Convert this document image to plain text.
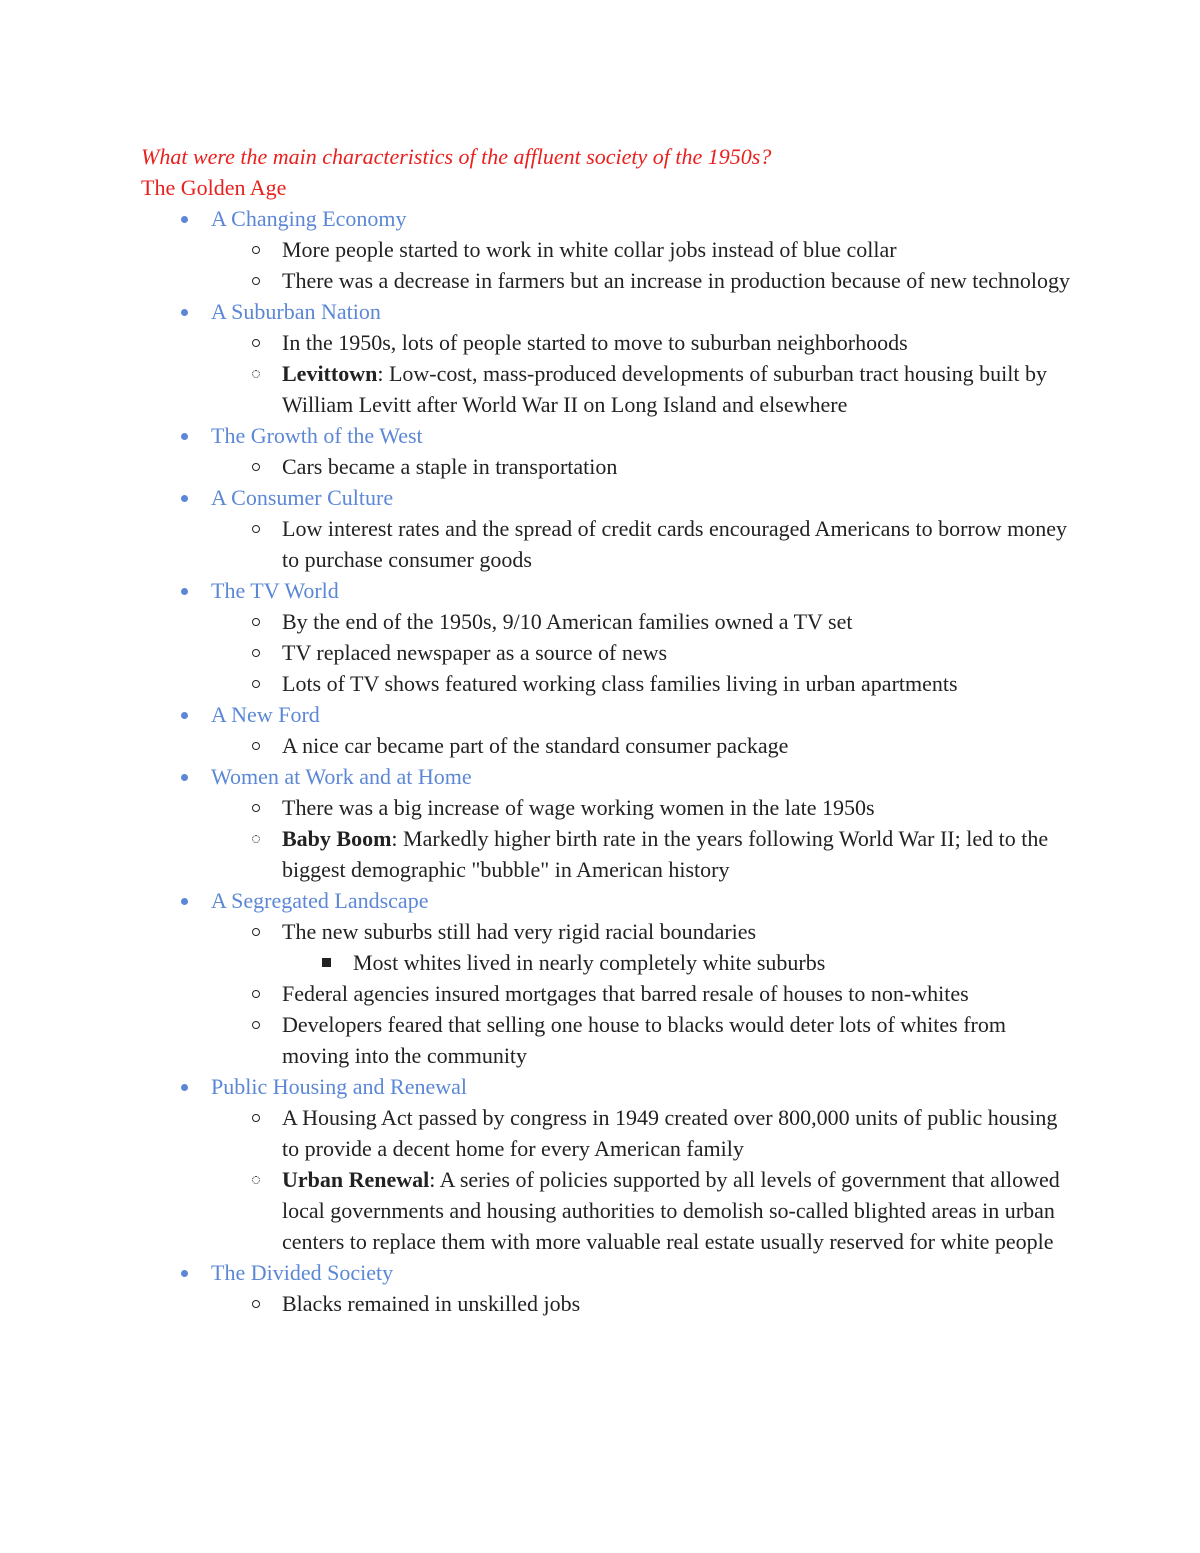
What were the main characteristics of the affluent society of the 1950s?
The Golden Age
A Changing Economy
More people started to work in white collar jobs instead of blue collar
There was a decrease in farmers but an increase in production because of new technology
A Suburban Nation
In the 1950s, lots of people started to move to suburban neighborhoods
Levittown: Low-cost, mass-produced developments of suburban tract housing built by William Levitt after World War II on Long Island and elsewhere
The Growth of the West
Cars became a staple in transportation
A Consumer Culture
Low interest rates and the spread of credit cards encouraged Americans to borrow money to purchase consumer goods
The TV World
By the end of the 1950s, 9/10 American families owned a TV set
TV replaced newspaper as a source of news
Lots of TV shows featured working class families living in urban apartments
A New Ford
A nice car became part of the standard consumer package
Women at Work and at Home
There was a big increase of wage working women in the late 1950s
Baby Boom: Markedly higher birth rate in the years following World War II; led to the biggest demographic "bubble" in American history
A Segregated Landscape
The new suburbs still had very rigid racial boundaries
Most whites lived in nearly completely white suburbs
Federal agencies insured mortgages that barred resale of houses to non-whites
Developers feared that selling one house to blacks would deter lots of whites from moving into the community
Public Housing and Renewal
A Housing Act passed by congress in 1949 created over 800,000 units of public housing to provide a decent home for every American family
Urban Renewal: A series of policies supported by all levels of government that allowed local governments and housing authorities to demolish so-called blighted areas in urban centers to replace them with more valuable real estate usually reserved for white people
The Divided Society
Blacks remained in unskilled jobs
